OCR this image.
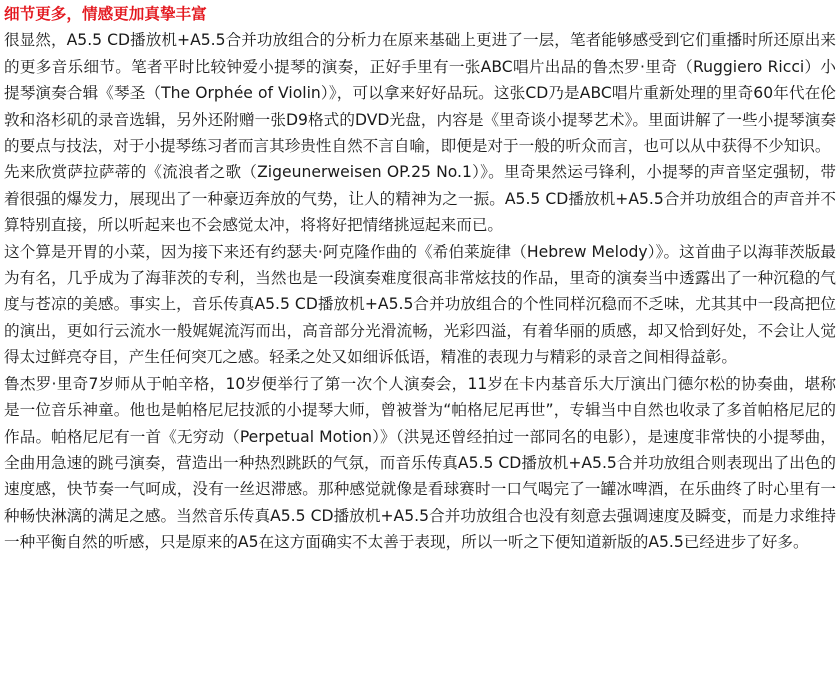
细节更多，情感更加真挚丰富

很显然，A5.5 CD播放机+A5.5合并功放组合的分析力在原来基础上更进了一层，笔者能够感受到它们重播时所还原出来的更多音乐细节。笔者平时比较钟爱小提琴的演奏，正好手里有一张ABC唱片出品的鲁杰罗·里奇（Ruggiero Ricci）小提琴演奏合辑《琴圣（The Orphée of Violin）》，可以拿来好好品玩。这张CD乃是ABC唱片重新处理的里奇60年代在伦敦和洛杉矶的录音选辑，另外还附赠一张D9格式的DVD光盘，内容是《里奇谈小提琴艺术》。里面讲解了一些小提琴演奏的要点与技法，对于小提琴练习者而言其珍贵性自然不言自喻，即便是对于一般的听众而言，也可以从中获得不少知识。

先来欣赏萨拉萨蒂的《流浪者之歌（Zigeunerweisen OP.25 No.1）》。里奇果然运弓锋利，小提琴的声音坚定强韧，带着很强的爆发力，展现出了一种豪迈奔放的气势，让人的精神为之一振。A5.5 CD播放机+A5.5合并功放组合的声音并不算特别直接，所以听起来也不会感觉太冲，将将好把情绪挑逗起来而已。

这个算是开胃的小菜，因为接下来还有约瑟夫·阿克隆作曲的《希伯莱旋律（Hebrew Melody）》。这首曲子以海菲茨版最为有名，几乎成为了海菲茨的专利，当然也是一段演奏难度很高非常炫技的作品，里奇的演奏当中透露出了一种沉稳的气度与苍凉的美感。事实上，音乐传真A5.5 CD播放机+A5.5合并功放组合的个性同样沉稳而不乏味，尤其其中一段高把位的演出，更如行云流水一般娓娓流泻而出，高音部分光滑流畅，光彩四溢，有着华丽的质感，却又恰到好处，不会让人觉得太过鲜亮夺目，产生任何突兀之感。轻柔之处又如细诉低语，精准的表现力与精彩的录音之间相得益彰。

鲁杰罗·里奇7岁师从于帕辛格，10岁便举行了第一次个人演奏会，11岁在卡内基音乐大厅演出门德尔松的协奏曲，堪称是一位音乐神童。他也是帕格尼尼技派的小提琴大师，曾被誉为“帕格尼尼再世”，专辑当中自然也收录了多首帕格尼尼的作品。帕格尼尼有一首《无穷动（Perpetual Motion）》（洪晃还曾经拍过一部同名的电影），是速度非常快的小提琴曲，全曲用急速的跳弓演奏，营造出一种热烈跳跃的气氛，而音乐传真A5.5 CD播放机+A5.5合并功放组合则表现出了出色的速度感，快节奏一气呵成，没有一丝迟滞感。那种感觉就像是看球赛时一口气喝完了一罐冰啤酒，在乐曲终了时心里有一种畅快淋漓的满足之感。当然音乐传真A5.5 CD播放机+A5.5合并功放组合也没有刻意去强调速度及瞬变，而是力求维持一种平衡自然的听感，只是原来的A5在这方面确实不太善于表现，所以一听之下便知道新版的A5.5已经进步了好多。
